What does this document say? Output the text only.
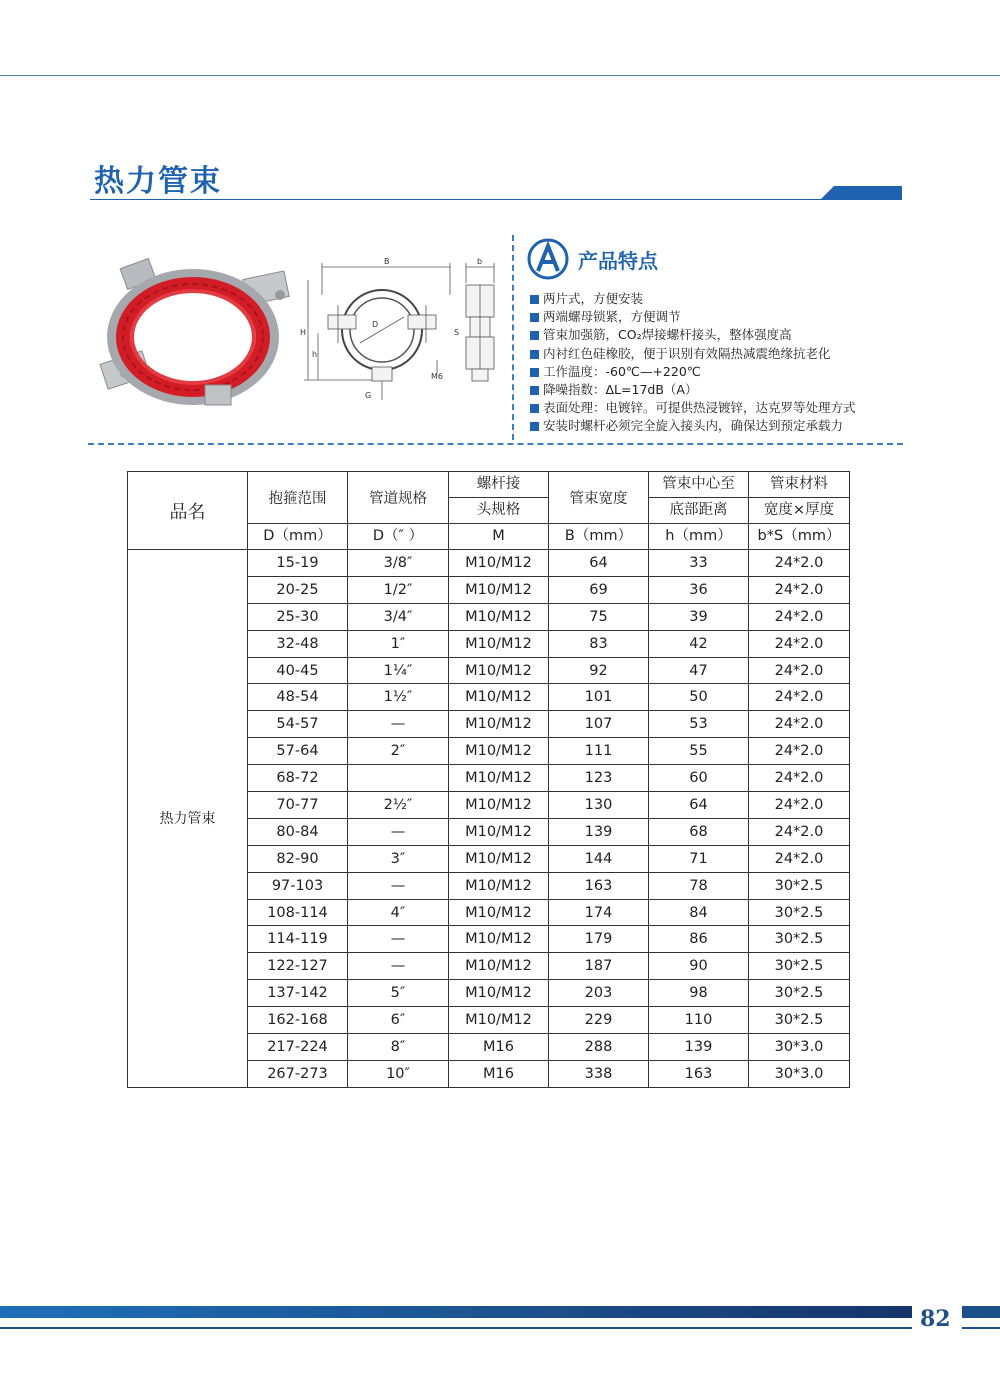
热力管束
B
H
h
D
M6
G
b
S
产品特点
两片式，方便安装
两端螺母锁紧，方便调节
管束加强筋，CO₂焊接螺杆接头，整体强度高
内衬红色硅橡胶，便于识别有效隔热减震绝缘抗老化
工作温度：-60℃—+220℃
降噪指数：ΔL=17dB（A）
表面处理：电镀锌。可提供热浸镀锌，达克罗等处理方式
安装时螺杆必须完全旋入接头内，确保达到预定承载力
品名	抱箍范围	管道规格	螺杆接	管束宽度	管束中心至	管束材料
			头规格		底部距离	宽度×厚度
	D（mm）	D（″ ）	M	B（mm）	h（mm）	b*S（mm）
热力管束	15-19	3/8″	M10/M12	64	33	24*2.0
	20-25	1/2″	M10/M12	69	36	24*2.0
	25-30	3/4″	M10/M12	75	39	24*2.0
	32-48	1″	M10/M12	83	42	24*2.0
	40-45	1¼″	M10/M12	92	47	24*2.0
	48-54	1½″	M10/M12	101	50	24*2.0
	54-57	—	M10/M12	107	53	24*2.0
	57-64	2″	M10/M12	111	55	24*2.0
	68-72		M10/M12	123	60	24*2.0
	70-77	2½″	M10/M12	130	64	24*2.0
	80-84	—	M10/M12	139	68	24*2.0
	82-90	3″	M10/M12	144	71	24*2.0
	97-103	—	M10/M12	163	78	30*2.5
	108-114	4″	M10/M12	174	84	30*2.5
	114-119	—	M10/M12	179	86	30*2.5
	122-127	—	M10/M12	187	90	30*2.5
	137-142	5″	M10/M12	203	98	30*2.5
	162-168	6″	M10/M12	229	110	30*2.5
	217-224	8″	M16	288	139	30*3.0
	267-273	10″	M16	338	163	30*3.0
82
